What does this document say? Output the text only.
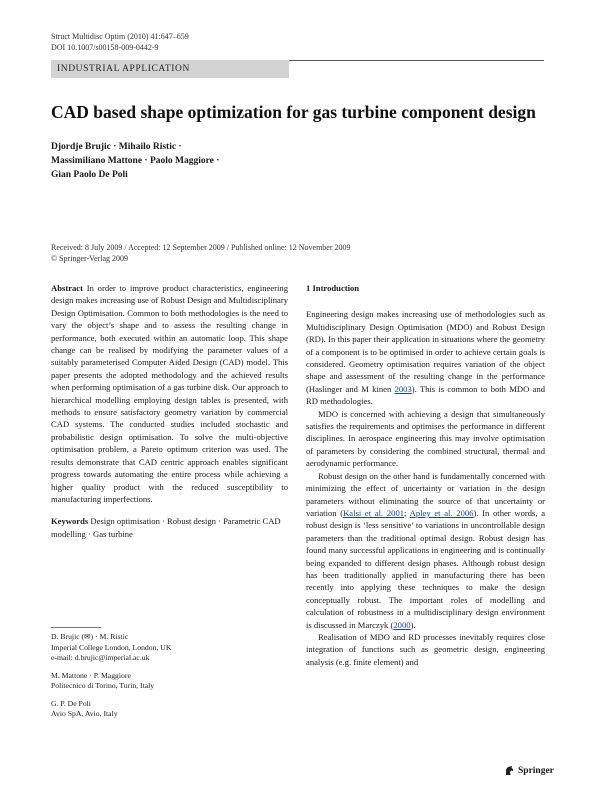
Struct Multidisc Optim (2010) 41:647–659
DOI 10.1007/s00158-009-0442-9
INDUSTRIAL APPLICATION
CAD based shape optimization for gas turbine component design
Djordje Brujic · Mihailo Ristic ·
Massimiliano Mattone · Paolo Maggiore ·
Gian Paolo De Poli
Received: 8 July 2009 / Accepted: 12 September 2009 / Published online: 12 November 2009
© Springer-Verlag 2009

Abstract In order to improve product characteristics, engineering design makes increasing use of Robust Design and Multidisciplinary Design Optimisation. Common to both methodologies is the need to vary the object’s shape and to assess the resulting change in performance, both executed within an automatic loop. This shape change can be realised by modifying the parameter values of a suitably parameterised Computer Aided Design (CAD) model. This paper presents the adopted methodology and the achieved results when performing optimisation of a gas turbine disk. Our approach to hierarchical modelling employing design tables is presented, with methods to ensure satisfactory geometry variation by commercial CAD systems. The conducted studies included stochastic and probabilistic design optimisation. To solve the multi-objective optimisation problem, a Pareto optimum criterion was used. The results demonstrate that CAD centric approach enables significant progress towards automating the entire process while achieving a higher quality product with the reduced susceptibility to manufacturing imperfections.

Keywords Design optimisation · Robust design · Parametric CAD modelling · Gas turbine

D. Brujic (✉) · M. Ristic
Imperial College London, London, UK
e-mail: d.brujic@imperial.ac.uk
M. Mattone · P. Maggiore
Politecnico di Torino, Turin, Italy
G. P. De Poli
Avio SpA, Avio, Italy
1 Introduction

Engineering design makes increasing use of methodologies such as Multidisciplinary Design Optimisation (MDO) and Robust Design (RD). In this paper their application in situations where the geometry of a component is to be optimised in order to achieve certain goals is considered. Geometry optimisation requires variation of the object shape and assessment of the resulting change in the performance (Haslinger and M kinen 2003). This is common to both MDO and RD methodologies.

MDO is concerned with achieving a design that simultaneously satisfies the requirements and optimises the performance in different disciplines. In aerospace engineering this may involve optimisation of parameters by considering the combined structural, thermal and aerodynamic performance.

Robust design on the other hand is fundamentally concerned with minimizing the effect of uncertainty or variation in the design parameters without eliminating the source of that uncertainty or variation (Kalsi et al. 2001; Apley et al. 2006). In other words, a robust design is ‘less sensitive’ to variations in uncontrollable design parameters than the traditional optimal design. Robust design has found many successful applications in engineering and is continually being expanded to different design phases. Although robust design has been traditionally applied in manufacturing there has been recently into applying these techniques to make the design conceptually robust. The important roles of modelling and calculation of robustness in a multidisciplinary design environment is discussed in Marczyk (2000).

Realisation of MDO and RD processes inevitably requires close integration of functions such as geometric design, engineering analysis (e.g. finite element) and

Springer
